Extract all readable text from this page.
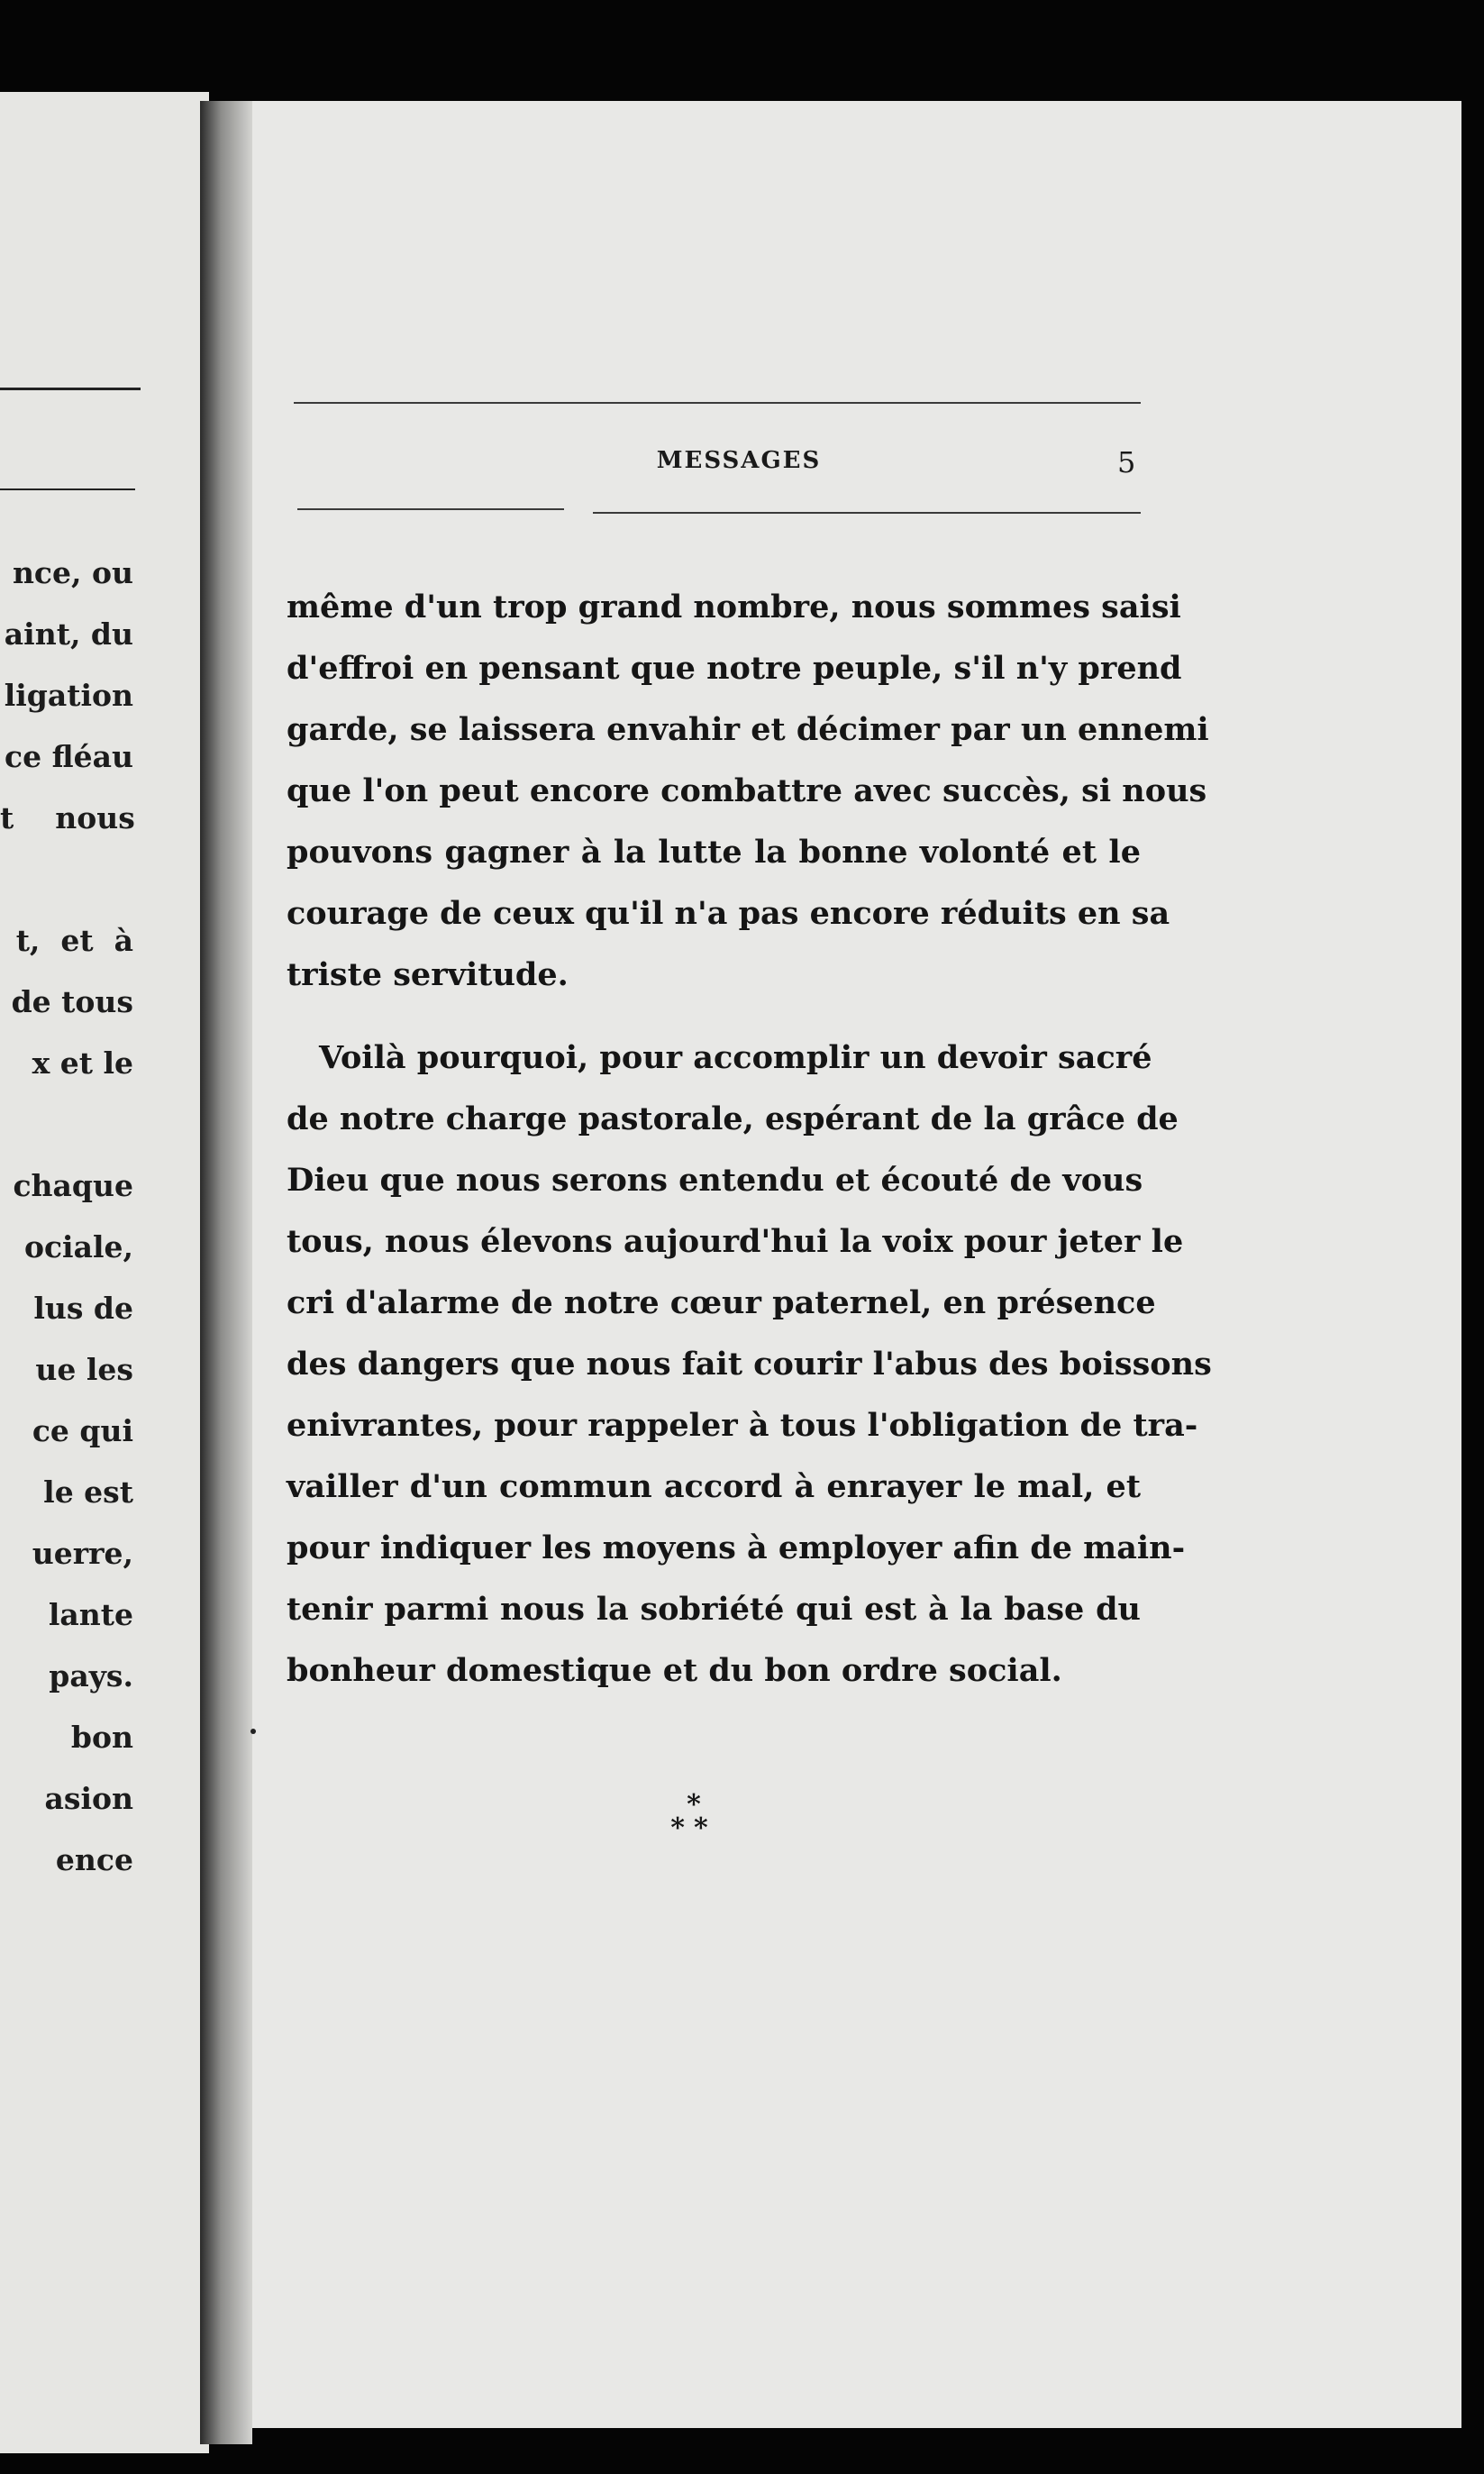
nce, ou
aint, du
ligation
ce fléau
t    nous
t,  et  à
de tous
x et le
chaque
ociale,
lus de
ue les
ce qui
le est
uerre,
lante
pays.
bon
asion
ence
MESSAGES	5
même d'un trop grand nombre, nous sommes saisi
d'effroi en pensant que notre peuple, s'il n'y prend
garde, se laissera envahir et décimer par un ennemi
que l'on peut encore combattre avec succès, si nous
pouvons gagner à la lutte la bonne volonté et le
courage de ceux qu'il n'a pas encore réduits en sa
triste servitude.
Voilà pourquoi, pour accomplir un devoir sacré
de notre charge pastorale, espérant de la grâce de
Dieu que nous serons entendu et écouté de vous
tous, nous élevons aujourd'hui la voix pour jeter le
cri d'alarme de notre cœur paternel, en présence
des dangers que nous fait courir l'abus des boissons
enivrantes, pour rappeler à tous l'obligation de tra-
vailler d'un commun accord à enrayer le mal, et
pour indiquer les moyens à employer afin de main-
tenir parmi nous la sobriété qui est à la base du
bonheur domestique et du bon ordre social.
*
**
